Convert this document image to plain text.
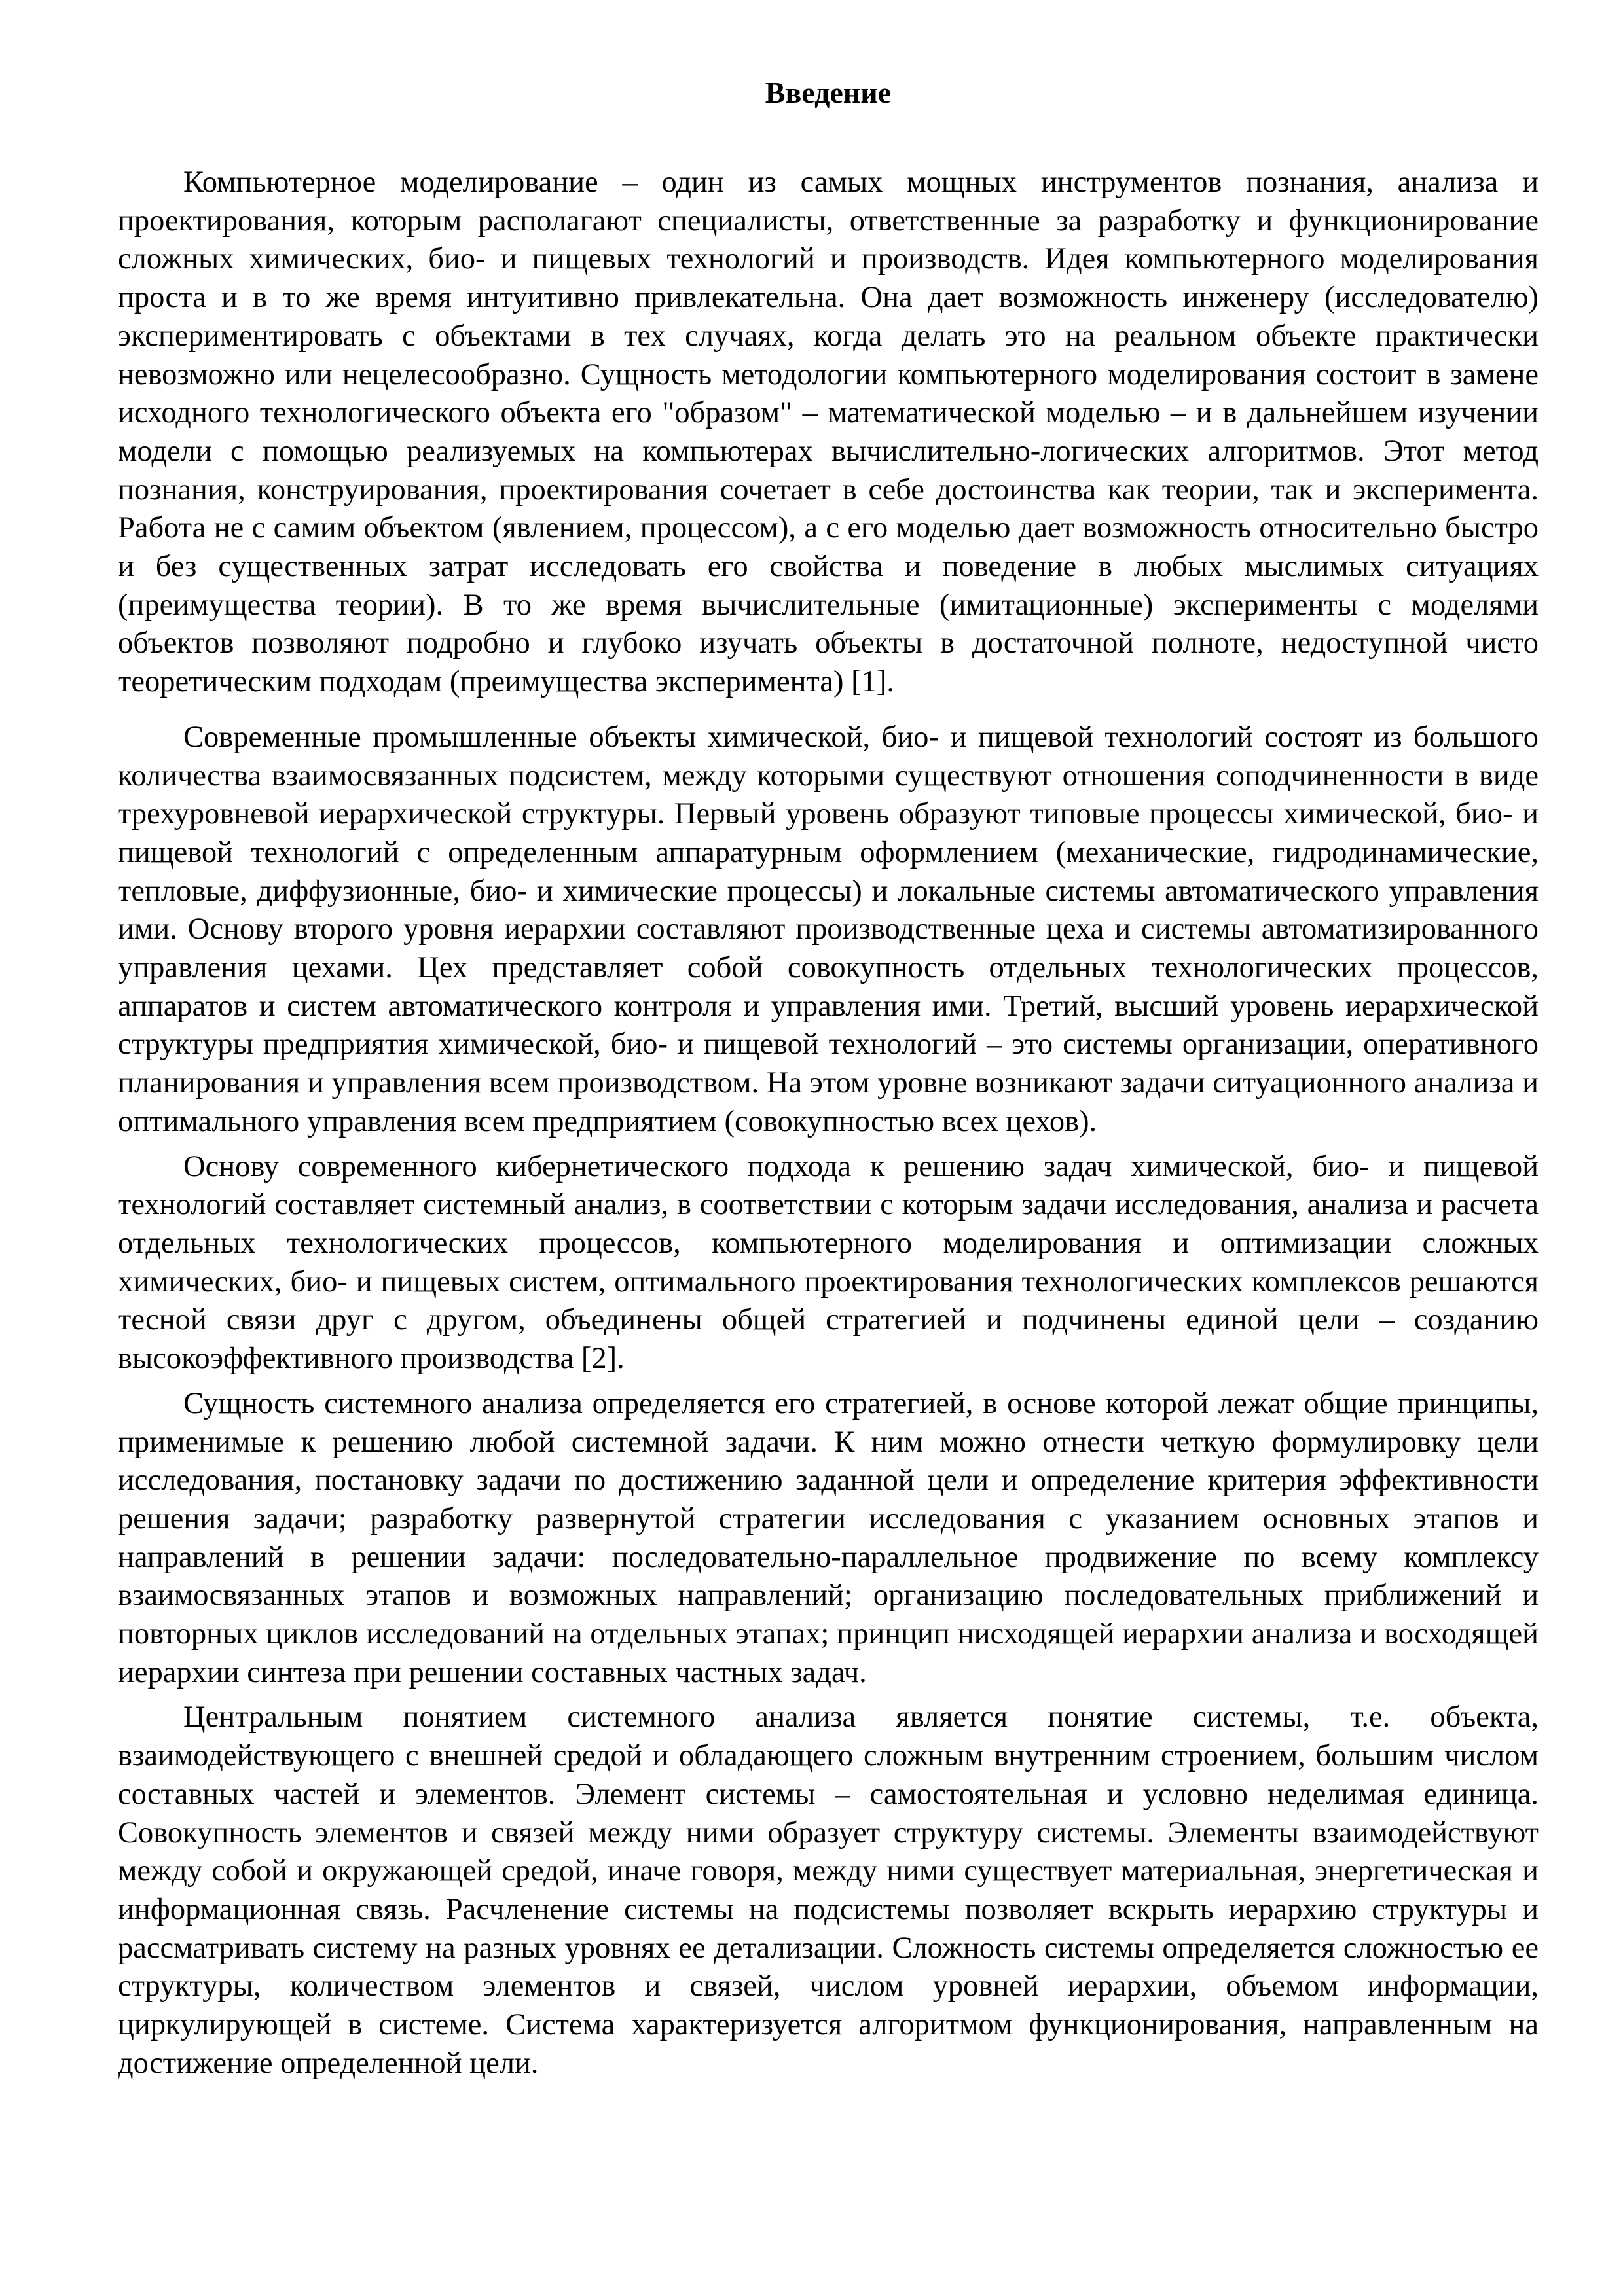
Введение

Компьютерное моделирование – один из самых мощных инструментов познания, анализа и проектирования, которым располагают специалисты, ответственные за разработку и функционирование сложных химических, био- и пищевых технологий и производств. Идея компьютерного моделирования проста и в то же время интуитивно привлекательна. Она дает возможность инженеру (исследователю) экспериментировать с объектами в тех случаях, когда делать это на реальном объекте практически невозможно или нецелесообразно. Сущность методологии компьютерного моделирования состоит в замене исходного технологического объекта его "образом" – математической моделью – и в дальнейшем изучении модели с помощью реализуемых на компьютерах вычислительно-логических алгоритмов. Этот метод познания, конструирования, проектирования сочетает в себе достоинства как теории, так и эксперимента. Работа не с самим объектом (явлением, процессом), а с его моделью дает возможность относительно быстро и без существенных затрат исследовать его свойства и поведение в любых мыслимых ситуациях (преимущества теории). В то же время вычислительные (имитационные) эксперименты с моделями объектов позволяют подробно и глубоко изучать объекты в достаточной полноте, недоступной чисто теоретическим подходам (преимущества эксперимента) [1].

Современные промышленные объекты химической, био- и пищевой технологий состоят из большого количества взаимосвязанных подсистем, между которыми существуют отношения соподчиненности в виде трехуровневой иерархической структуры. Первый уровень образуют типовые процессы химической, био- и пищевой технологий с определенным аппаратурным оформлением (механические, гидродинамические, тепловые, диффузионные, био- и химические процессы) и локальные системы автоматического управления ими. Основу второго уровня иерархии составляют производственные цеха и системы автоматизированного управления цехами. Цех представляет собой совокупность отдельных технологических процессов, аппаратов и систем автоматического контроля и управления ими. Третий, высший уровень иерархической структуры предприятия химической, био- и пищевой технологий – это системы организации, оперативного планирования и управления всем производством. На этом уровне возникают задачи ситуационного анализа и оптимального управления всем предприятием (совокупностью всех цехов).

Основу современного кибернетического подхода к решению задач химической, био- и пищевой технологий составляет системный анализ, в соответствии с которым задачи исследования, анализа и расчета отдельных технологических процессов, компьютерного моделирования и оптимизации сложных химических, био- и пищевых систем, оптимального проектирования технологических комплексов решаются тесной связи друг с другом, объединены общей стратегией и подчинены единой цели – созданию высокоэффективного производства [2].

Сущность системного анализа определяется его стратегией, в основе которой лежат общие принципы, применимые к решению любой системной задачи. К ним можно отнести четкую формулировку цели исследования, постановку задачи по достижению заданной цели и определение критерия эффективности решения задачи; разработку развернутой стратегии исследования с указанием основных этапов и направлений в решении задачи: последовательно-параллельное продвижение по всему комплексу взаимосвязанных этапов и возможных направлений; организацию последовательных приближений и повторных циклов исследований на отдельных этапах; принцип нисходящей иерархии анализа и восходящей иерархии синтеза при решении составных частных задач.

Центральным понятием системного анализа является понятие системы, т.е. объекта, взаимодействующего с внешней средой и обладающего сложным внутренним строением, большим числом составных частей и элементов. Элемент системы – самостоятельная и условно неделимая единица. Совокупность элементов и связей между ними образует структуру системы. Элементы взаимодействуют между собой и окружающей средой, иначе говоря, между ними существует материальная, энергетическая и информационная связь. Расчленение системы на подсистемы позволяет вскрыть иерархию структуры и рассматривать систему на разных уровнях ее детализации. Сложность системы определяется сложностью ее структуры, количеством элементов и связей, числом уровней иерархии, объемом информации, циркулирующей в системе. Система характеризуется алгоритмом функционирования, направленным на достижение определенной цели.
